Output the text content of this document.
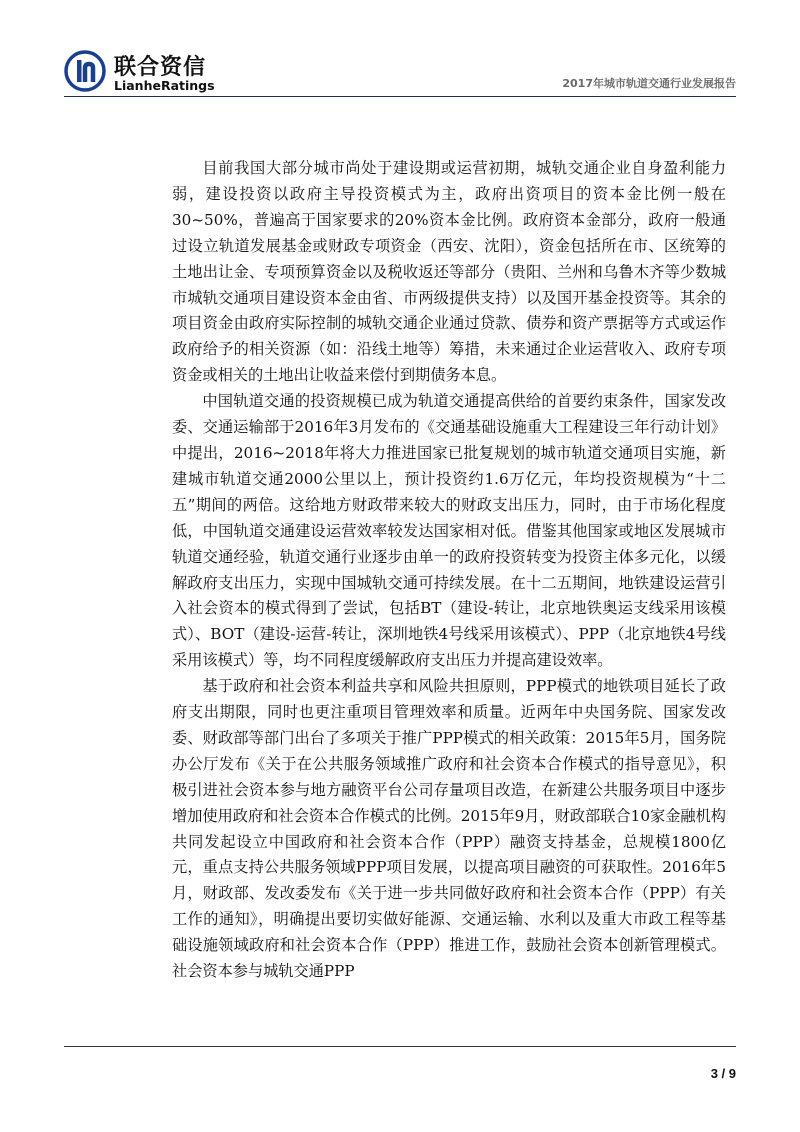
联合资信
LianheRatings	2017年城市轨道交通行业发展报告

目前我国大部分城市尚处于建设期或运营初期，城轨交通企业自身盈利能力弱，建设投资以政府主导投资模式为主，政府出资项目的资本金比例一般在30~50%，普遍高于国家要求的20%资本金比例。政府资本金部分，政府一般通过设立轨道发展基金或财政专项资金（西安、沈阳），资金包括所在市、区统筹的土地出让金、专项预算资金以及税收返还等部分（贵阳、兰州和乌鲁木齐等少数城市城轨交通项目建设资本金由省、市两级提供支持）以及国开基金投资等。其余的项目资金由政府实际控制的城轨交通企业通过贷款、债券和资产票据等方式或运作政府给予的相关资源（如：沿线土地等）筹措，未来通过企业运营收入、政府专项资金或相关的土地出让收益来偿付到期债务本息。

中国轨道交通的投资规模已成为轨道交通提高供给的首要约束条件，国家发改委、交通运输部于2016年3月发布的《交通基础设施重大工程建设三年行动计划》中提出，2016~2018年将大力推进国家已批复规划的城市轨道交通项目实施，新建城市轨道交通2000公里以上，预计投资约1.6万亿元，年均投资规模为“十二五”期间的两倍。这给地方财政带来较大的财政支出压力，同时，由于市场化程度低，中国轨道交通建设运营效率较发达国家相对低。借鉴其他国家或地区发展城市轨道交通经验，轨道交通行业逐步由单一的政府投资转变为投资主体多元化，以缓解政府支出压力，实现中国城轨交通可持续发展。在十二五期间，地铁建设运营引入社会资本的模式得到了尝试，包括BT（建设-转让，北京地铁奥运支线采用该模式）、BOT（建设-运营-转让，深圳地铁4号线采用该模式）、PPP（北京地铁4号线采用该模式）等，均不同程度缓解政府支出压力并提高建设效率。

基于政府和社会资本利益共享和风险共担原则，PPP模式的地铁项目延长了政府支出期限，同时也更注重项目管理效率和质量。近两年中央国务院、国家发改委、财政部等部门出台了多项关于推广PPP模式的相关政策：2015年5月，国务院办公厅发布《关于在公共服务领域推广政府和社会资本合作模式的指导意见》，积极引进社会资本参与地方融资平台公司存量项目改造，在新建公共服务项目中逐步增加使用政府和社会资本合作模式的比例。2015年9月，财政部联合10家金融机构共同发起设立中国政府和社会资本合作（PPP）融资支持基金，总规模1800亿元，重点支持公共服务领域PPP项目发展，以提高项目融资的可获取性。2016年5月，财政部、发改委发布《关于进一步共同做好政府和社会资本合作（PPP）有关工作的通知》，明确提出要切实做好能源、交通运输、水利以及重大市政工程等基础设施领域政府和社会资本合作（PPP）推进工作，鼓励社会资本创新管理模式。社会资本参与城轨交通PPP

3 / 9
